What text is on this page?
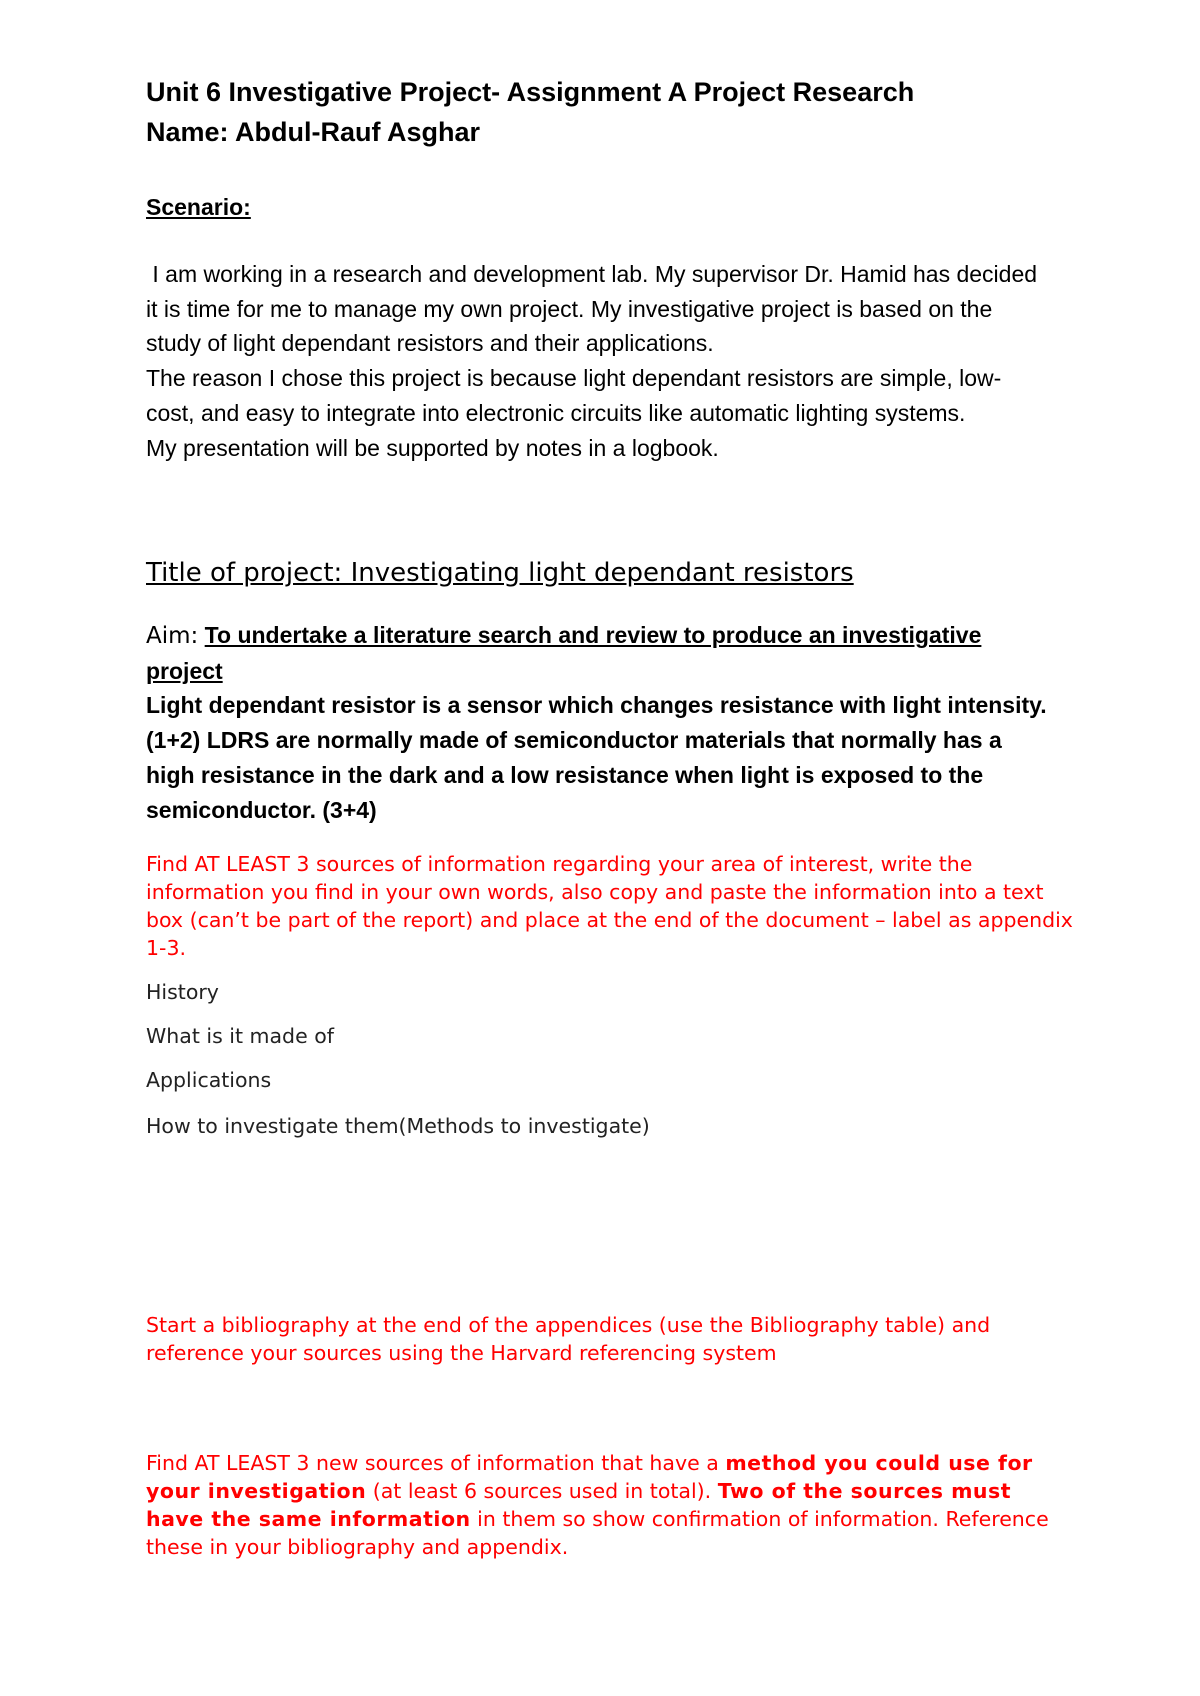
Unit 6 Investigative Project- Assignment A Project Research
Name: Abdul-Rauf Asghar
Scenario:

I am working in a research and development lab. My supervisor Dr. Hamid has decided it is time for me to manage my own project. My investigative project is based on the study of light dependant resistors and their applications.

The reason I chose this project is because light dependant resistors are simple, low-cost, and easy to integrate into electronic circuits like automatic lighting systems.

My presentation will be supported by notes in a logbook.

Title of project: Investigating light dependant resistors
Aim: To undertake a literature search and review to produce an investigative project

Light dependant resistor is a sensor which changes resistance with light intensity. (1+2) LDRS are normally made of semiconductor materials that normally has a high resistance in the dark and a low resistance when light is exposed to the semiconductor. (3+4)

Find AT LEAST 3 sources of information regarding your area of interest, write the information you find in your own words, also copy and paste the information into a text box (can’t be part of the report) and place at the end of the document – label as appendix 1-3.
History
What is it made of
Applications
How to investigate them(Methods to investigate)
Start a bibliography at the end of the appendices (use the Bibliography table) and reference your sources using the Harvard referencing system
Find AT LEAST 3 new sources of information that have a method you could use for your investigation (at least 6 sources used in total). Two of the sources must have the same information in them so show confirmation of information. Reference these in your bibliography and appendix.
